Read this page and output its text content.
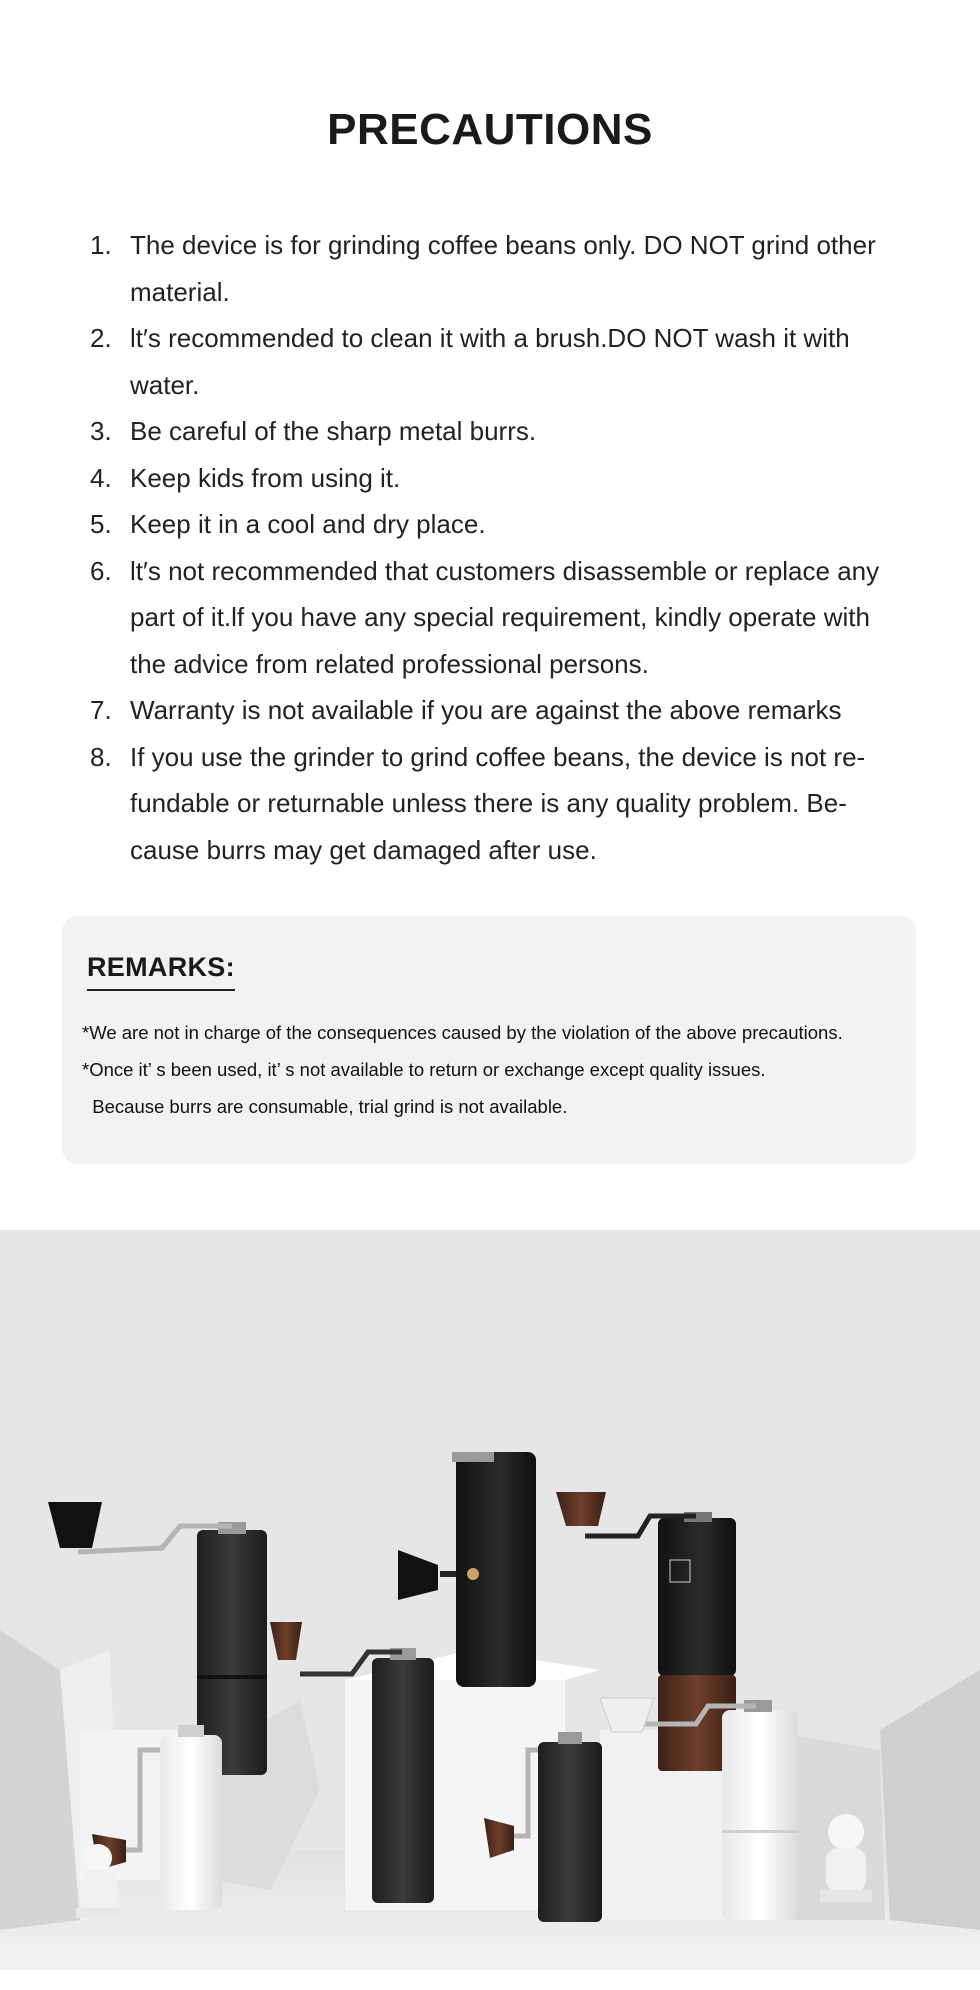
PRECAUTIONS
1. The device is for grinding coffee beans only. DO NOT grind other material.
2. lt′s recommended to clean it with a brush.DO NOT wash it with water.
3. Be careful of the sharp metal burrs.
4. Keep kids from using it.
5. Keep it in a cool and dry place.
6. lt′s not recommended that customers disassemble or replace any part of it.lf you have any special requirement, kindly operate with the advice from related professional persons.
7. Warranty is not available if you are against the above remarks
8. If you use the grinder to grind coffee beans, the device is not re-fundable or returnable unless there is any quality problem. Be-cause burrs may get damaged after use.
REMARKS:
*We are not in charge of the consequences caused by the violation of the above precautions.
*Once it’ s been used, it’ s not available to return or exchange except quality issues.
Because burrs are consumable, trial grind is not available.
